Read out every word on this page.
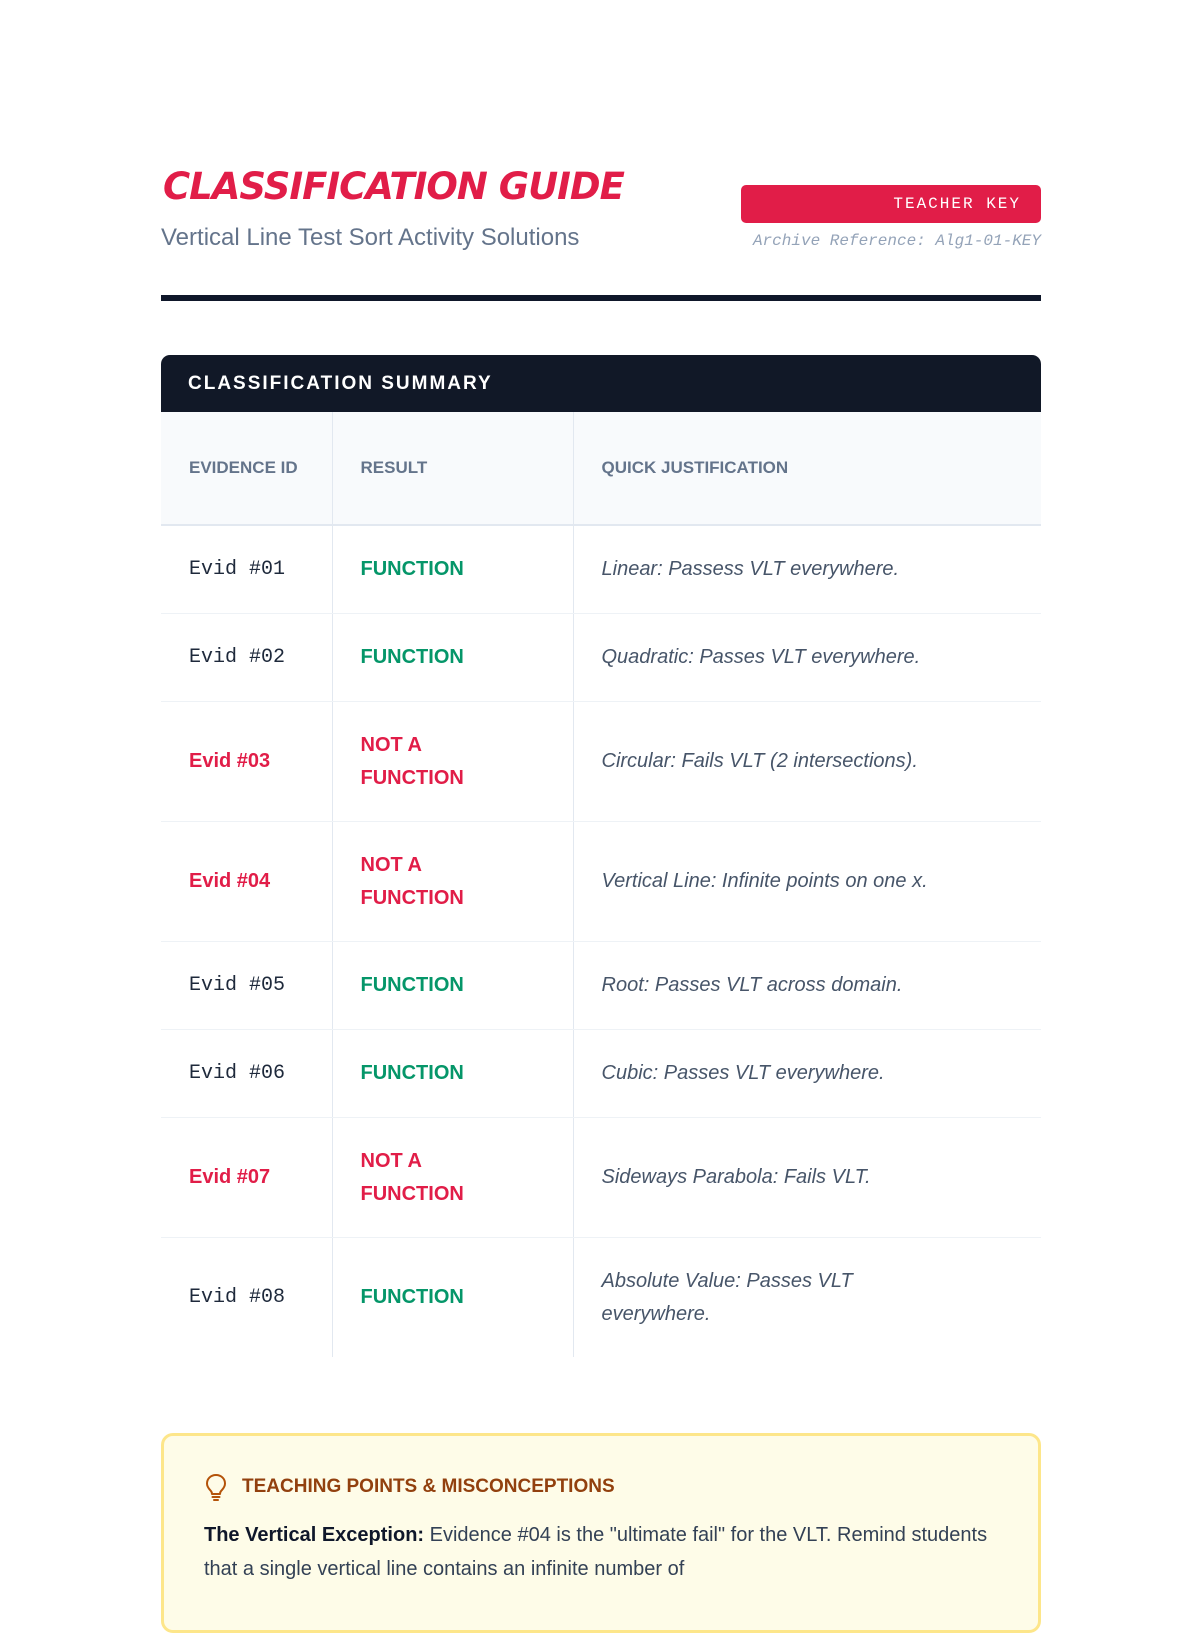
CLASSIFICATION GUIDE
Vertical Line Test Sort Activity Solutions
TEACHER KEY
Archive Reference: Alg1-01-KEY
CLASSIFICATION SUMMARY
EVIDENCE ID	RESULT	QUICK JUSTIFICATION
Evid #01	FUNCTION	Linear: Passess VLT everywhere.
Evid #02	FUNCTION	Quadratic: Passes VLT everywhere.
Evid #03	NOT A FUNCTION	Circular: Fails VLT (2 intersections).
Evid #04	NOT A FUNCTION	Vertical Line: Infinite points on one x.
Evid #05	FUNCTION	Root: Passes VLT across domain.
Evid #06	FUNCTION	Cubic: Passes VLT everywhere.
Evid #07	NOT A FUNCTION	Sideways Parabola: Fails VLT.
Evid #08	FUNCTION	Absolute Value: Passes VLT everywhere.
TEACHING POINTS & MISCONCEPTIONS
The Vertical Exception: Evidence #04 is the "ultimate fail" for the VLT. Remind students that a single vertical line contains an infinite number of
